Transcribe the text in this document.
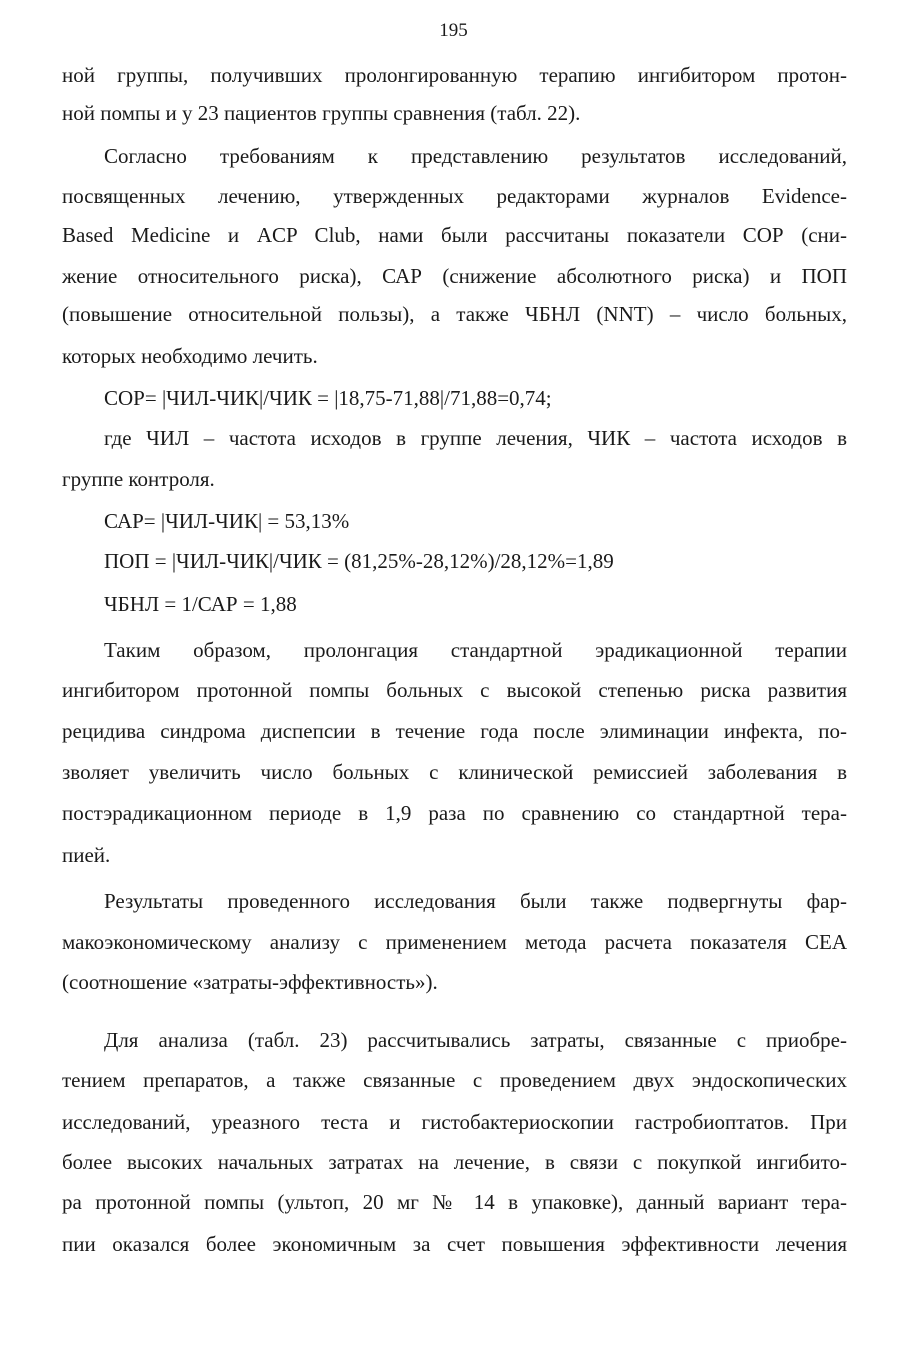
195
ной группы, получивших пролонгированную терапию ингибитором протон-
ной помпы и у 23 пациентов группы сравнения (табл. 22).
Согласно требованиям к представлению результатов исследований,
посвященных лечению, утвержденных редакторами журналов Evidence-
Based Medicine и ACP Club, нами были рассчитаны показатели СОР (сни-
жение относительного риска), САР (снижение абсолютного риска) и ПОП
(повышение относительной пользы), а также ЧБНЛ (NNT) – число больных,
которых необходимо лечить.
СОР= |ЧИЛ-ЧИК|/ЧИК = |18,75-71,88|/71,88=0,74;
где ЧИЛ – частота исходов в группе лечения, ЧИК – частота исходов в
группе контроля.
САР= |ЧИЛ-ЧИК| = 53,13%
ПОП = |ЧИЛ-ЧИК|/ЧИК = (81,25%-28,12%)/28,12%=1,89
ЧБНЛ = 1/САР = 1,88
Таким образом, пролонгация стандартной эрадикационной терапии
ингибитором протонной помпы больных с высокой степенью риска развития
рецидива синдрома диспепсии в течение года после элиминации инфекта, по-
зволяет увеличить число больных с клинической ремиссией заболевания в
постэрадикационном периоде в 1,9 раза по сравнению со стандартной тера-
пией.
Результаты проведенного исследования были также подвергнуты фар-
макоэкономическому анализу с применением метода расчета показателя СЕА
(соотношение «затраты-эффективность»).
Для анализа (табл. 23) рассчитывались затраты, связанные с приобре-
тением препаратов, а также связанные с проведением двух эндоскопических
исследований, уреазного теста и гистобактериоскопии гастробиоптатов. При
более высоких начальных затратах на лечение, в связи с покупкой ингибито-
ра протонной помпы (ультоп, 20 мг № 14 в упаковке), данный вариант тера-
пии оказался более экономичным за счет повышения эффективности лечения
